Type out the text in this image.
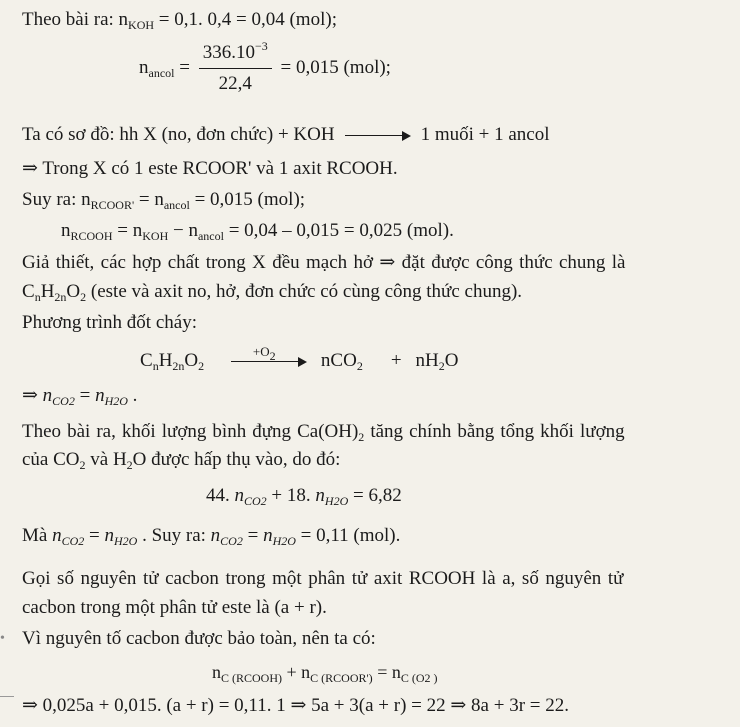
Theo bài ra: $n_{KOH} = 0,1$. 0,4 = 0,04 (mol);
$n_{ancol} = \frac{336.10^{-3}}{22,4} = 0,015$ (mol);
Ta có sơ đồ: hh X (no, đơn chức) + KOH	1 muối + 1 ancol
⇒ Trong X có 1 este RCOOR' và 1 axit RCOOH.
Suy ra: $n_{RCOOR'} = n_{ancol} = 0,015$ (mol);
$n_{RCOOH} = n_{KOH} - n_{ancol} = 0,04 - 0,015 = 0,025$ (mol).
Giả thiết, các hợp chất trong X đều mạch hở ⇒ đặt được công thức chung là
$C_nH_{2n}O_2$ (este và axit no, hở, đơn chức có cùng công thức chung).
Phương trình đốt cháy:
$C_nH_{2n}O_2$
$+O_2$ $nCO_2 + nH_2O$
⇒ $n_{CO2} = n_{H2O}$ .
Theo bài ra, khối lượng bình đựng $Ca(OH)_2$ tăng chính bằng tổng khối lượng
của $CO_2$ và $H_2O$ được hấp thụ vào, do đó:
44. $n_{CO2} + 18$. $n_{H2O} = 6,82$
Mà $n_{CO2} = n_{H2O}$ . Suy ra: $n_{CO2} = n_{H2O} = 0,11$ (mol).
Gọi số nguyên tử cacbon trong một phân tử axit RCOOH là a, số nguyên tử
cacbon trong một phân tử este là (a + r).
• Vì nguyên tố cacbon được bảo toàn, nên ta có:
$n_{C (RCOOH)} + n_{C (RCOOR')} = n_{C (O2}$ $_)$
⇒ 0,025a + 0,015. (a + r) = 0,11. 1 ⇒ 5a + 3(a + r) = 22 ⇒ 8a + 3r = 22.
